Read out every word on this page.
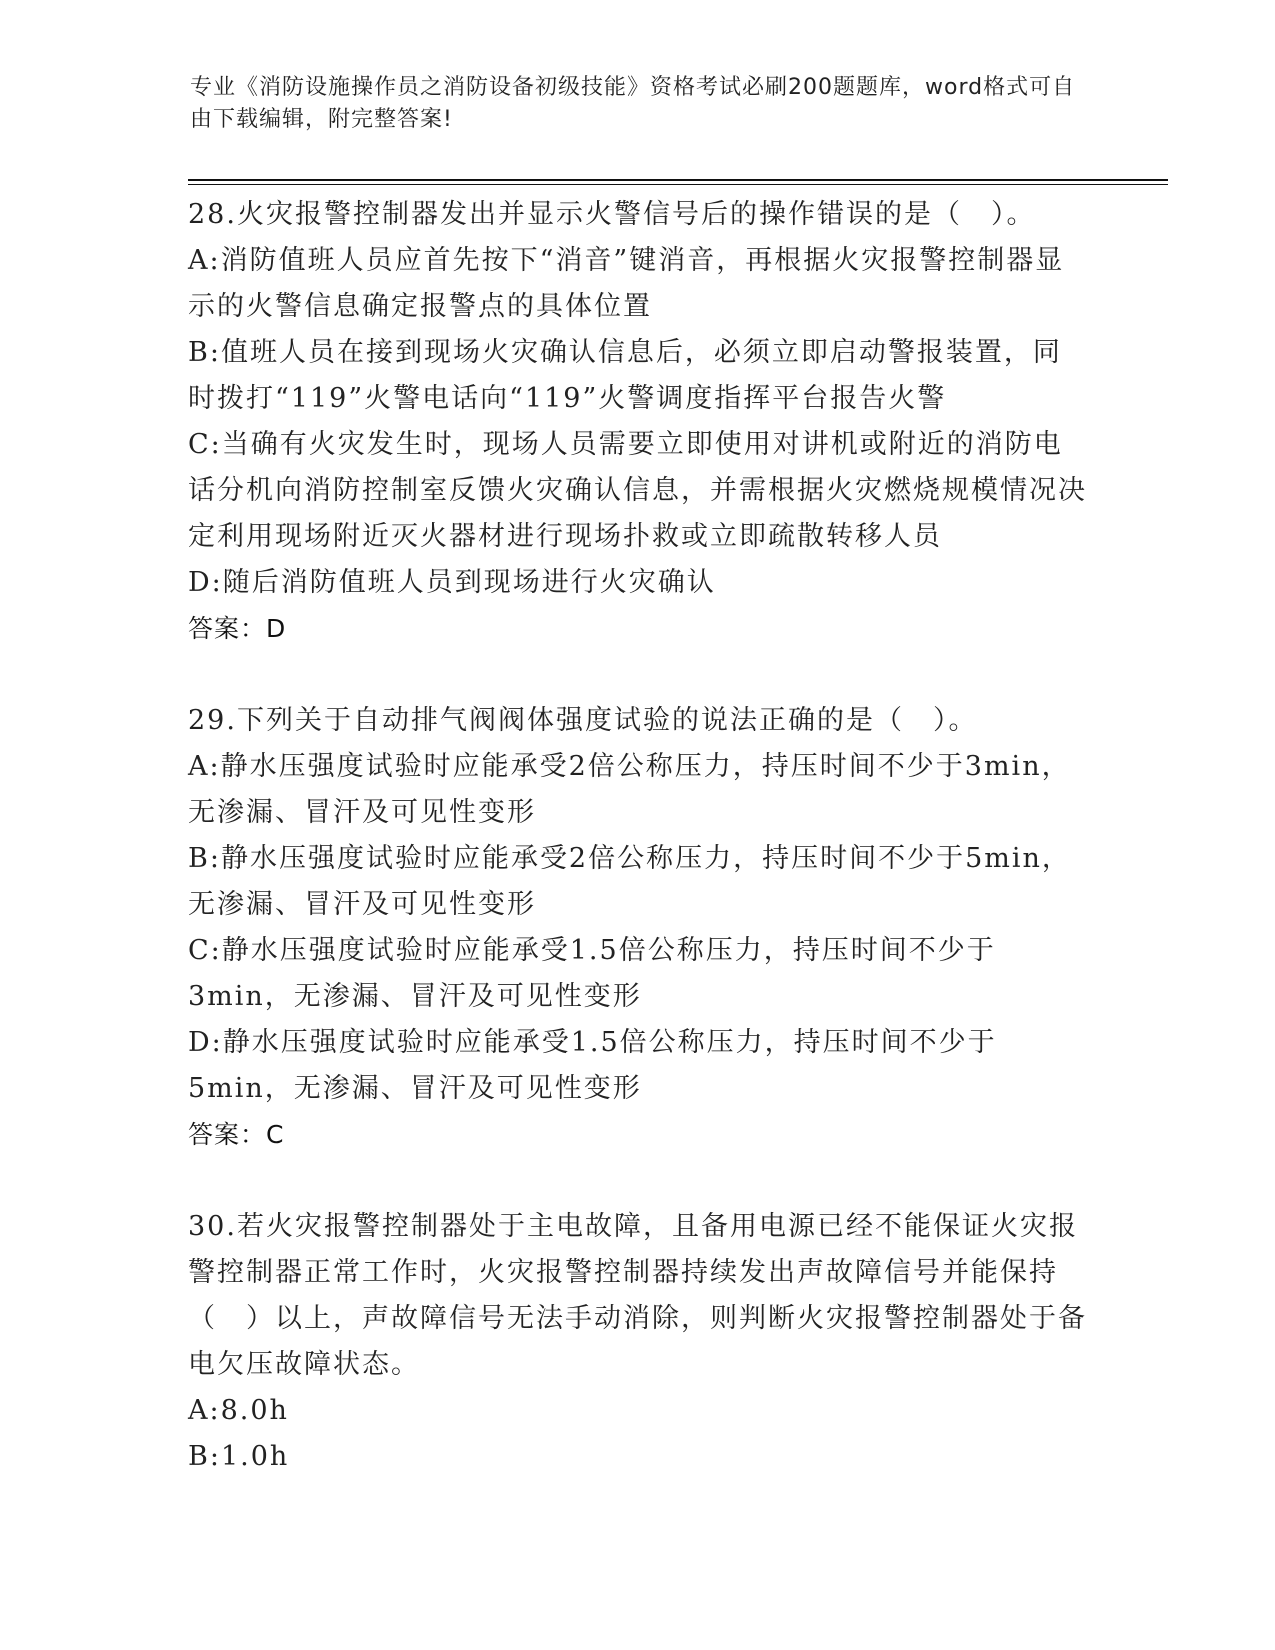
专业《消防设施操作员之消防设备初级技能》资格考试必刷200题题库，word格式可自由下载编辑，附完整答案!

28.火灾报警控制器发出并显示火警信号后的操作错误的是（　）。

A:消防值班人员应首先按下“消音”键消音，再根据火灾报警控制器显示的火警信息确定报警点的具体位置

B:值班人员在接到现场火灾确认信息后，必须立即启动警报装置，同时拨打“119”火警电话向“119”火警调度指挥平台报告火警

C:当确有火灾发生时，现场人员需要立即使用对讲机或附近的消防电话分机向消防控制室反馈火灾确认信息，并需根据火灾燃烧规模情况决定利用现场附近灭火器材进行现场扑救或立即疏散转移人员

D:随后消防值班人员到现场进行火灾确认

答案：D

29.下列关于自动排气阀阀体强度试验的说法正确的是（　）。

A:静水压强度试验时应能承受2倍公称压力，持压时间不少于3min，无渗漏、冒汗及可见性变形

B:静水压强度试验时应能承受2倍公称压力，持压时间不少于5min，无渗漏、冒汗及可见性变形

C:静水压强度试验时应能承受1.5倍公称压力，持压时间不少于3min，无渗漏、冒汗及可见性变形

D:静水压强度试验时应能承受1.5倍公称压力，持压时间不少于5min，无渗漏、冒汗及可见性变形

答案：C

30.若火灾报警控制器处于主电故障，且备用电源已经不能保证火灾报警控制器正常工作时，火灾报警控制器持续发出声故障信号并能保持（　）以上，声故障信号无法手动消除，则判断火灾报警控制器处于备电欠压故障状态。

A:8.0h

B:1.0h
